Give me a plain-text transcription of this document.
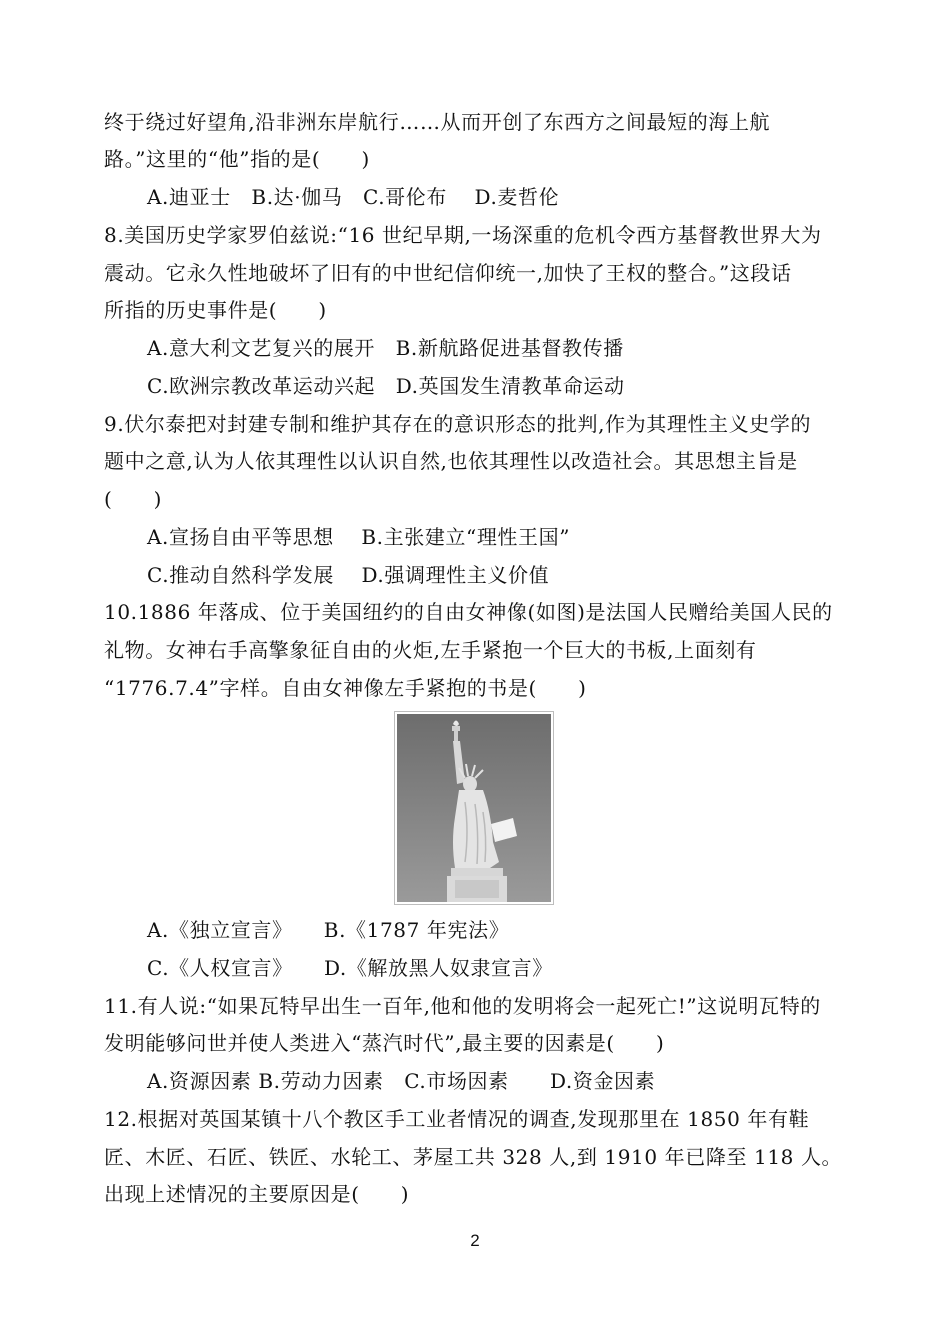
终于绕过好望角,沿非洲东岸航行……从而开创了东西方之间最短的海上航
路。”这里的“他”指的是(　　)
A.迪亚士　B.达·伽马　C.哥伦布　 D.麦哲伦
8.美国历史学家罗伯兹说:“16 世纪早期,一场深重的危机令西方基督教世界大为
震动。它永久性地破坏了旧有的中世纪信仰统一,加快了王权的整合。”这段话
所指的历史事件是(　　)
A.意大利文艺复兴的展开　B.新航路促进基督教传播
C.欧洲宗教改革运动兴起　D.英国发生清教革命运动
9.伏尔泰把对封建专制和维护其存在的意识形态的批判,作为其理性主义史学的
题中之意,认为人依其理性以认识自然,也依其理性以改造社会。其思想主旨是
(　　)
A.宣扬自由平等思想　 B.主张建立“理性王国”
C.推动自然科学发展　 D.强调理性主义价值
10.1886 年落成、位于美国纽约的自由女神像(如图)是法国人民赠给美国人民的
礼物。女神右手高擎象征自由的火炬,左手紧抱一个巨大的书板,上面刻有
“1776.7.4”字样。自由女神像左手紧抱的书是(　　)
A.《独立宣言》　　B.《1787 年宪法》
C.《人权宣言》　　D.《解放黑人奴隶宣言》
11.有人说:“如果瓦特早出生一百年,他和他的发明将会一起死亡!”这说明瓦特的
发明能够问世并使人类进入“蒸汽时代”,最主要的因素是(　　)
A.资源因素 B.劳动力因素　C.市场因素　　D.资金因素
12.根据对英国某镇十八个教区手工业者情况的调查,发现那里在 1850 年有鞋
匠、木匠、石匠、铁匠、水轮工、茅屋工共 328 人,到 1910 年已降至 118 人。
出现上述情况的主要原因是(　　)
2
